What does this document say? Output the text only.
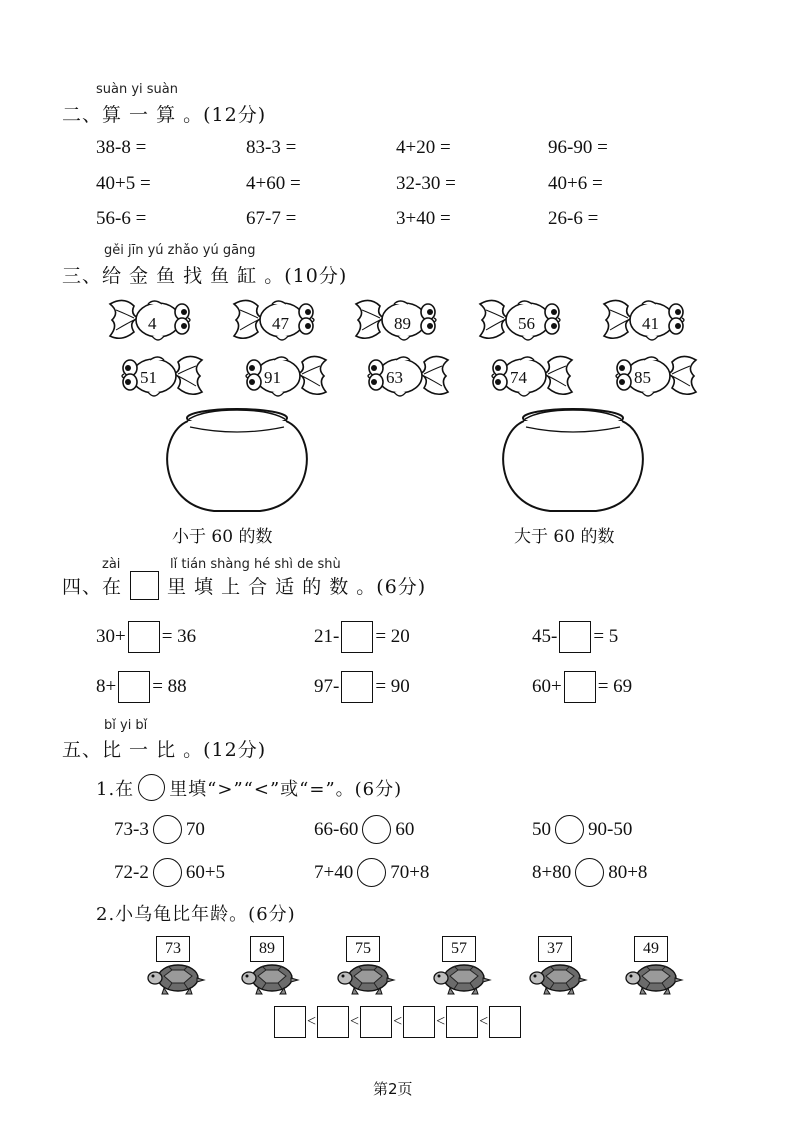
suàn yi suàn
二、算 一 算 。(12分)
38-8 =	83-3 =	4+20 =	96-90 =
40+5 =	4+60 =	32-30 =	40+6 =
56-6 =	67-7 =	3+40 =	26-6 =
gěi jīn yú zhǎo yú gāng
三、给 金 鱼 找 鱼 缸 。(10分)
4	47	89	56	41
51	91	63	74	85
小于 60 的数	大于 60 的数
zài	lǐ tián shàng hé shì de shù
四、在 里 填 上 合 适 的 数 。(6分)
30+ = 36	21- = 20	45- = 5
8+ = 88	97- = 90	60+ = 69
bǐ yi bǐ
五、比 一 比 。(12分)
1.在 里填“>”“<”或“=”。(6分)
73-3 70	66-60 60	50 90-50
72-2 60+5	7+40 70+8	8+80 80+8
2.小乌龟比年龄。(6分)
73	89	75	57	37	49
< < < < <
第2页
